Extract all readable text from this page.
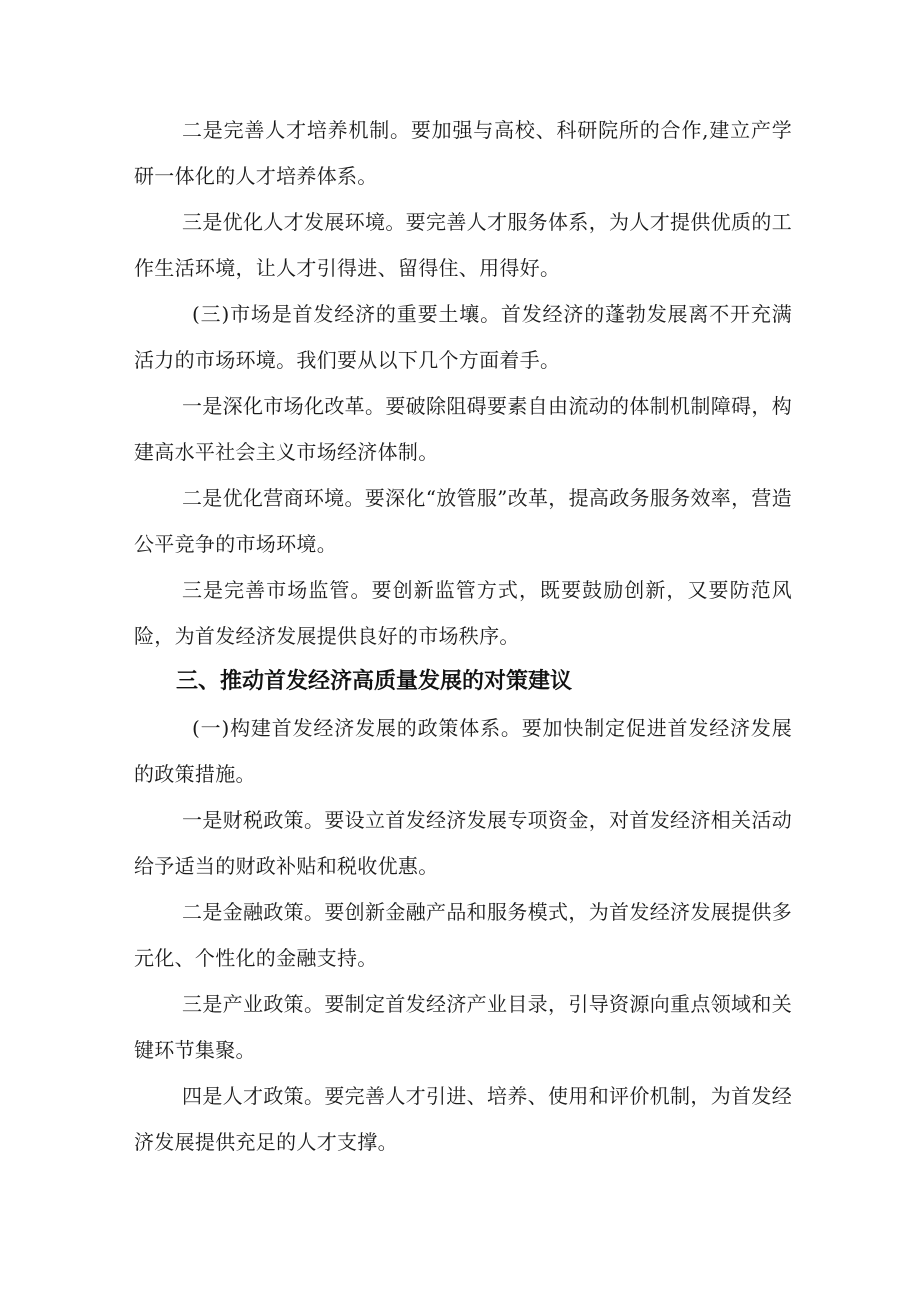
二是完善人才培养机制。要加强与高校、科研院所的合作,建立产学研一体化的人才培养体系。

三是优化人才发展环境。要完善人才服务体系，为人才提供优质的工作生活环境，让人才引得进、留得住、用得好。

(三)市场是首发经济的重要土壤。首发经济的蓬勃发展离不开充满活力的市场环境。我们要从以下几个方面着手。

一是深化市场化改革。要破除阻碍要素自由流动的体制机制障碍，构建高水平社会主义市场经济体制。

二是优化营商环境。要深化“放管服”改革，提高政务服务效率，营造公平竞争的市场环境。

三是完善市场监管。要创新监管方式，既要鼓励创新，又要防范风险，为首发经济发展提供良好的市场秩序。

三、推动首发经济高质量发展的对策建议

(一)构建首发经济发展的政策体系。要加快制定促进首发经济发展的政策措施。

一是财税政策。要设立首发经济发展专项资金，对首发经济相关活动给予适当的财政补贴和税收优惠。

二是金融政策。要创新金融产品和服务模式，为首发经济发展提供多元化、个性化的金融支持。

三是产业政策。要制定首发经济产业目录，引导资源向重点领域和关键环节集聚。

四是人才政策。要完善人才引进、培养、使用和评价机制，为首发经济发展提供充足的人才支撑。
